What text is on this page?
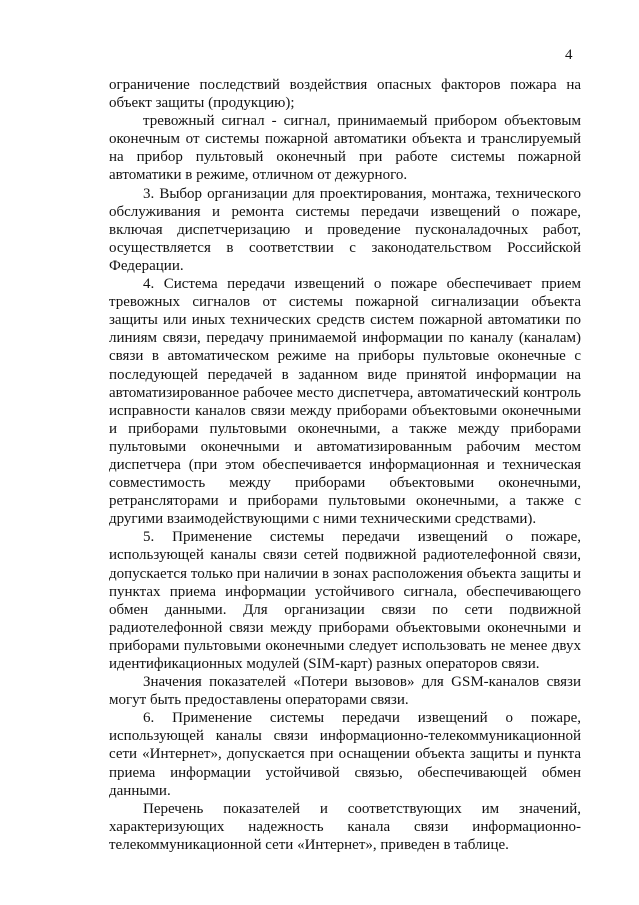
4

ограничение последствий воздействия опасных факторов пожара на объект защиты (продукцию);

тревожный сигнал - сигнал, принимаемый прибором объектовым оконечным от системы пожарной автоматики объекта и транслируемый на прибор пультовый оконечный при работе системы пожарной автоматики в режиме, отличном от дежурного.

3. Выбор организации для проектирования, монтажа, технического обслуживания и ремонта системы передачи извещений о пожаре, включая диспетчеризацию и проведение пусконаладочных работ, осуществляется в соответствии с законодательством Российской Федерации.

4. Система передачи извещений о пожаре обеспечивает прием тревожных сигналов от системы пожарной сигнализации объекта защиты или иных технических средств систем пожарной автоматики по линиям связи, передачу принимаемой информации по каналу (каналам) связи в автоматическом режиме на приборы пультовые оконечные с последующей передачей в заданном виде принятой информации на автоматизированное рабочее место диспетчера, автоматический контроль исправности каналов связи между приборами объектовыми оконечными и приборами пультовыми оконечными, а также между приборами пультовыми оконечными и автоматизированным рабочим местом диспетчера (при этом обеспечивается информационная и техническая совместимость между приборами объектовыми оконечными, ретрансляторами и приборами пультовыми оконечными, а также с другими взаимодействующими с ними техническими средствами).

5. Применение системы передачи извещений о пожаре, использующей каналы связи сетей подвижной радиотелефонной связи, допускается только при наличии в зонах расположения объекта защиты и пунктах приема информации устойчивого сигнала, обеспечивающего обмен данными. Для организации связи по сети подвижной радиотелефонной связи между приборами объектовыми оконечными и приборами пультовыми оконечными следует использовать не менее двух идентификационных модулей (SIM-карт) разных операторов связи.

Значения показателей «Потери вызовов» для GSM-каналов связи могут быть предоставлены операторами связи.

6. Применение системы передачи извещений о пожаре, использующей каналы связи информационно-телекоммуникационной сети «Интернет», допускается при оснащении объекта защиты и пункта приема информации устойчивой связью, обеспечивающей обмен данными.

Перечень показателей и соответствующих им значений, характеризующих надежность канала связи информационно-телекоммуникационной сети «Интернет», приведен в таблице.
